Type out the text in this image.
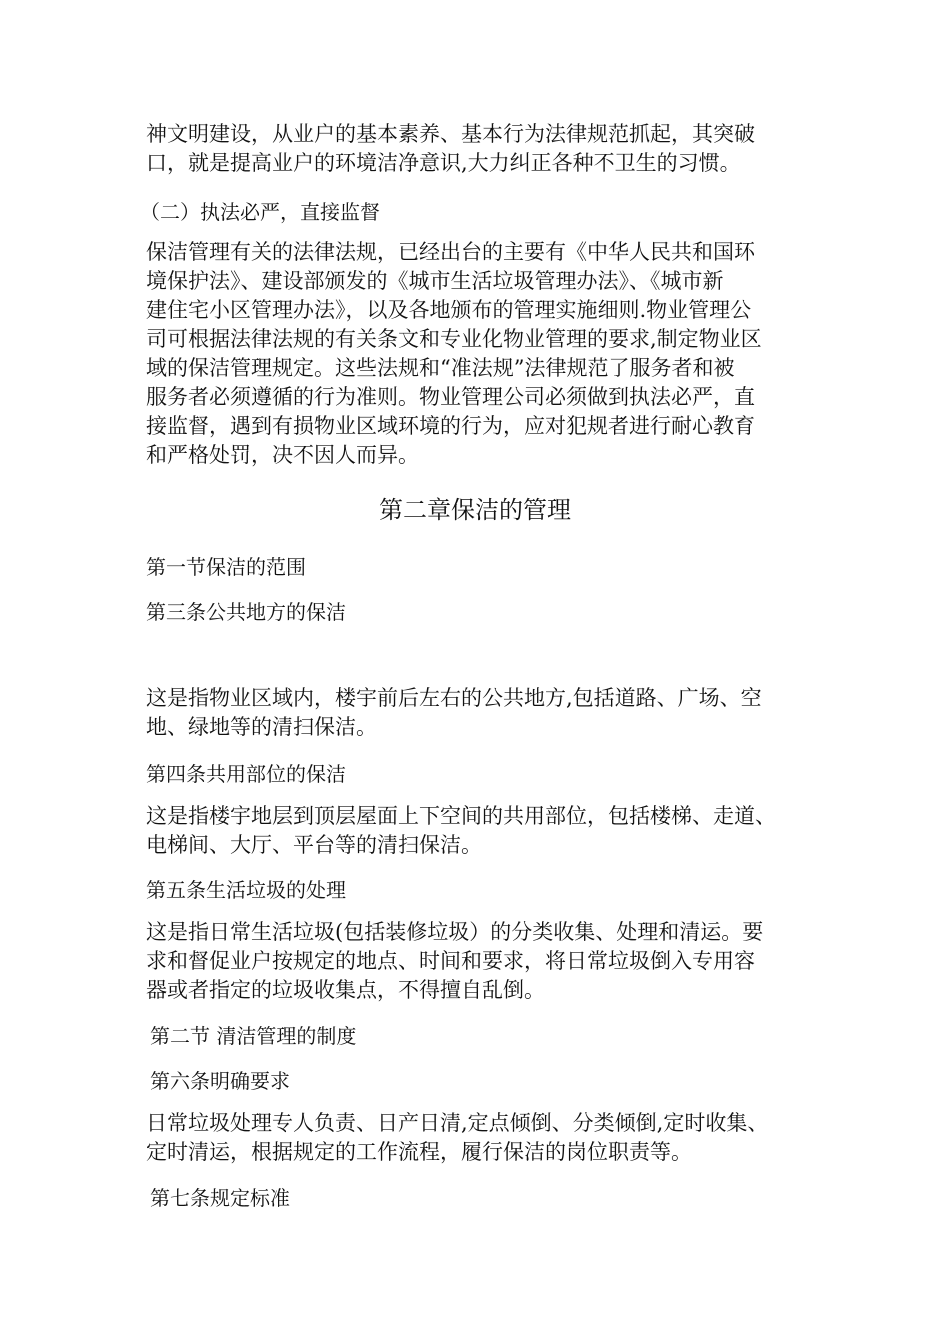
神文明建设，从业户的基本素养、基本行为法律规范抓起，其突破
口，就是提高业户的环境洁净意识,大力纠正各种不卫生的习惯。

（二）执法必严，直接监督

保洁管理有关的法律法规，已经出台的主要有《中华人民共和国环
境保护法》、建设部颁发的《城市生活垃圾管理办法》、《城市新
建住宅小区管理办法》，以及各地颁布的管理实施细则.物业管理公
司可根据法律法规的有关条文和专业化物业管理的要求,制定物业区
域的保洁管理规定。这些法规和“准法规”法律规范了服务者和被
服务者必须遵循的行为准则。物业管理公司必须做到执法必严，直
接监督，遇到有损物业区域环境的行为，应对犯规者进行耐心教育
和严格处罚，决不因人而异。

第二章保洁的管理

第一节保洁的范围

第三条公共地方的保洁

这是指物业区域内，楼宇前后左右的公共地方,包括道路、广场、空
地、绿地等的清扫保洁。

第四条共用部位的保洁

这是指楼宇地层到顶层屋面上下空间的共用部位，包括楼梯、走道、
电梯间、大厅、平台等的清扫保洁。

第五条生活垃圾的处理

这是指日常生活垃圾(包括装修垃圾）的分类收集、处理和清运。要
求和督促业户按规定的地点、时间和要求，将日常垃圾倒入专用容
器或者指定的垃圾收集点，不得擅自乱倒。

第二节 清洁管理的制度

第六条明确要求

日常垃圾处理专人负责、日产日清,定点倾倒、分类倾倒,定时收集、
定时清运，根据规定的工作流程，履行保洁的岗位职责等。

第七条规定标准
